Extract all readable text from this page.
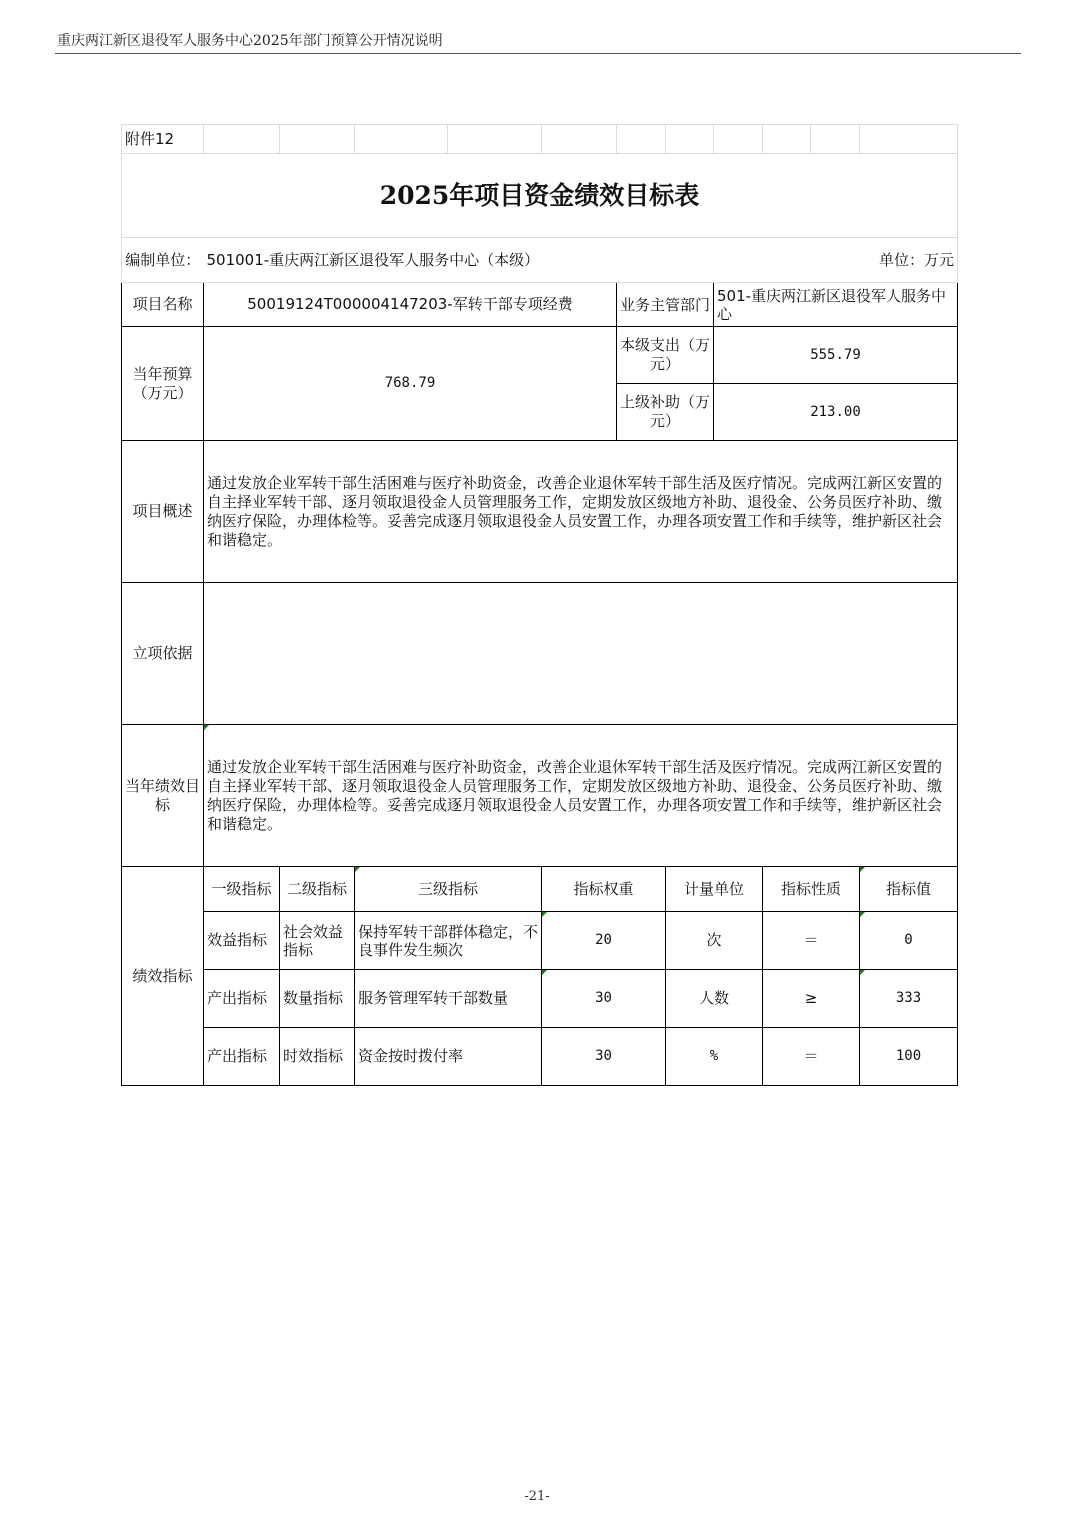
重庆两江新区退役军人服务中心2025年部门预算公开情况说明
附件12											
2025年项目资金绩效目标表											
编制单位：	501001-重庆两江新区退役军人服务中心（本级）									单位：万元	
项目名称	50019124T000004147203-军转干部专项经费					业务主管部门		501-重庆两江新区退役军人服务中心			
当年预算（万元）	768.79					本级支出（万元）		555.79			
						上级补助（万元）		213.00			
项目概述	通过发放企业军转干部生活困难与医疗补助资金，改善企业退休军转干部生活及医疗情况。完成两江新区安置的自主择业军转干部、逐月领取退役金人员管理服务工作，定期发放区级地方补助、退役金、公务员医疗补助、缴纳医疗保险，办理体检等。妥善完成逐月领取退役金人员安置工作，办理各项安置工作和手续等，维护新区社会和谐稳定。										
立项依据											
当年绩效目标	通过发放企业军转干部生活困难与医疗补助资金，改善企业退休军转干部生活及医疗情况。完成两江新区安置的自主择业军转干部、逐月领取退役金人员管理服务工作，定期发放区级地方补助、退役金、公务员医疗补助、缴纳医疗保险，办理体检等。妥善完成逐月领取退役金人员安置工作，办理各项安置工作和手续等，维护新区社会和谐稳定。										
绩效指标	一级指标	二级指标	三级指标		指标权重		计量单位		指标性质		指标值
	效益指标	社会效益指标	保持军转干部群体稳定，不良事件发生频次		20		次		＝		0
	产出指标	数量指标	服务管理军转干部数量		30		人数		≥		333
	产出指标	时效指标	资金按时拨付率		30		%		＝		100
-21-
